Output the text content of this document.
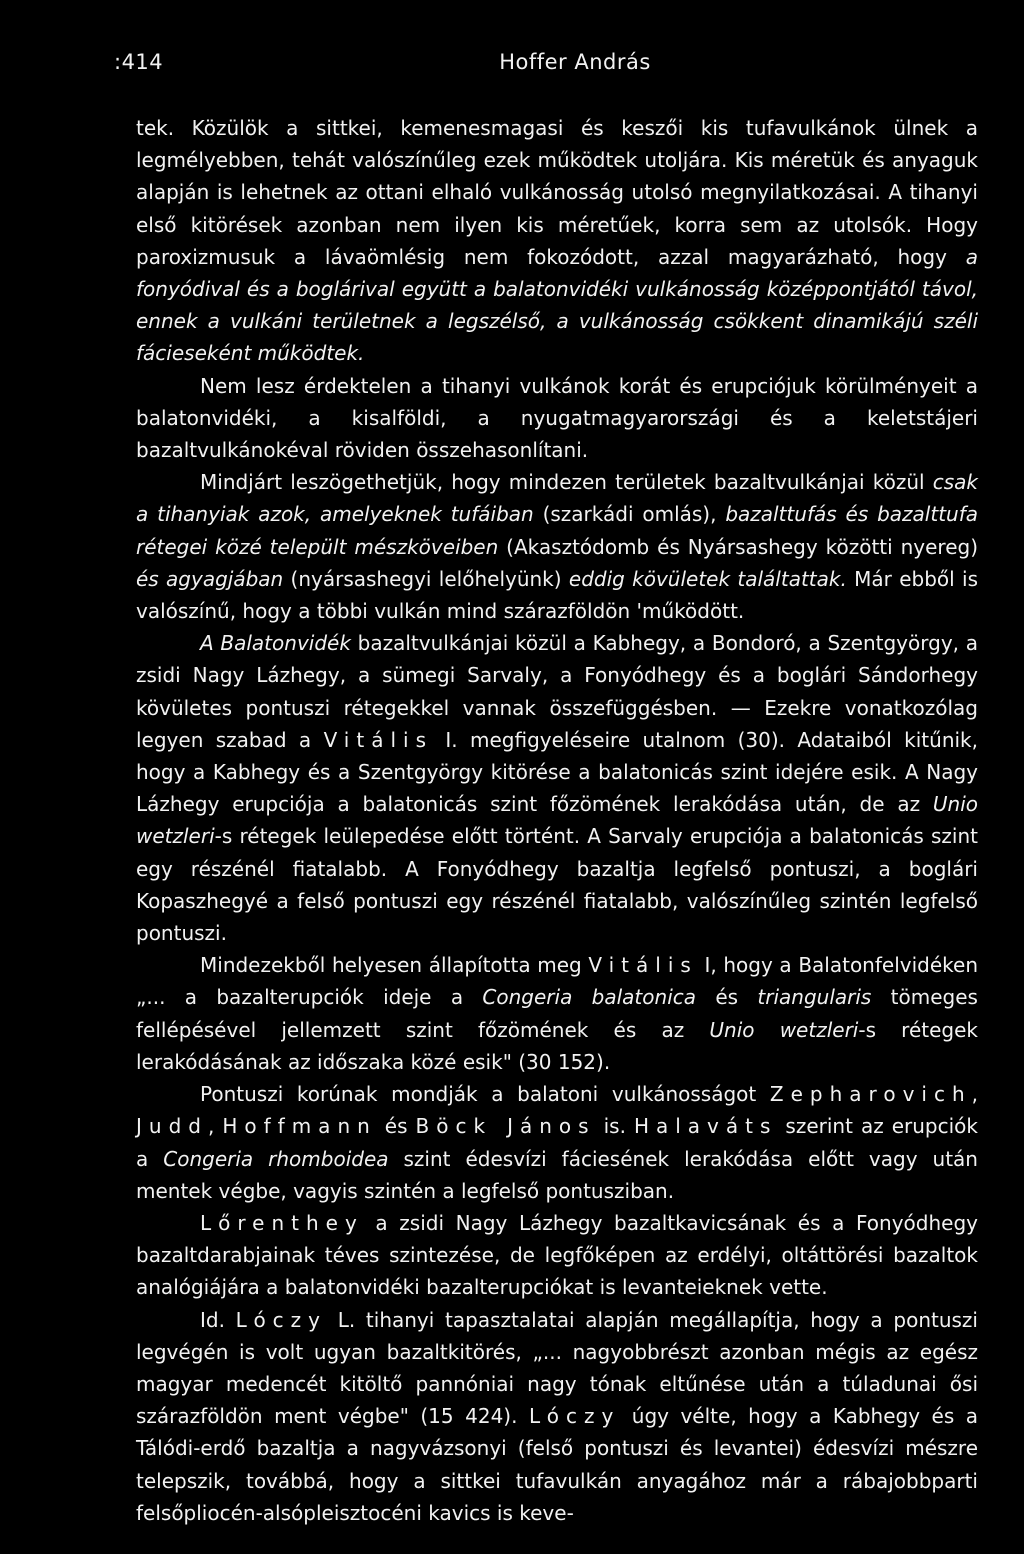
:414	Hoffer András

tek. Közülök a sittkei, kemenesmagasi és keszői kis tufavulkánok ülnek a legmélyebben, tehát valószínűleg ezek működtek utoljára. Kis méretük és anyaguk alapján is lehetnek az ottani elhaló vulkánosság utolsó megnyilatkozásai. A tihanyi első kitörések azonban nem ilyen kis méretűek, korra sem az utolsók. Hogy paroxizmusuk a lávaömlésig nem fokozódott, azzal magyarázható, hogy a fonyódival és a boglárival együtt a balatonvidéki vulkánosság középpontjától távol, ennek a vulkáni területnek a legszélső, a vulkánosság csökkent dinamikájú széli fácieseként működtek.

Nem lesz érdektelen a tihanyi vulkánok korát és erupciójuk körülményeit a balatonvidéki, a kisalföldi, a nyugatmagyarországi és a keletstájeri bazaltvulkánokéval röviden összehasonlítani.

Mindjárt leszögethetjük, hogy mindezen területek bazaltvulkánjai közül csak a tihanyiak azok, amelyeknek tufáiban (szarkádi omlás), bazalttufás és bazalttufa rétegei közé települt mészköveiben (Akasztódomb és Nyársashegy közötti nyereg) és agyagjában (nyársashegyi lelőhelyünk) eddig kövületek találtattak. Már ebből is valószínű, hogy a többi vulkán mind szárazföldön 'működött.

A Balatonvidék bazaltvulkánjai közül a Kabhegy, a Bondoró, a Szentgyörgy, a zsidi Nagy Lázhegy, a sümegi Sarvaly, a Fonyódhegy és a boglári Sándorhegy kövületes pontuszi rétegekkel vannak összefüggésben. — Ezekre vonatkozólag legyen szabad a Vitális I. megfigyeléseire utalnom (30). Adataiból kitűnik, hogy a Kabhegy és a Szentgyörgy kitörése a balatonicás szint idejére esik. A Nagy Lázhegy erupciója a balatonicás szint főzömének lerakódása után, de az Unio wetzleri-s rétegek leülepedése előtt történt. A Sarvaly erupciója a balatonicás szint egy részénél fiatalabb. A Fonyódhegy bazaltja legfelső pontuszi, a boglári Kopaszhegyé a felső pontuszi egy részénél fiatalabb, valószínűleg szintén legfelső pontuszi.

Mindezekből helyesen állapította meg Vitális I, hogy a Balatonfelvidéken „... a bazalterupciók ideje a Congeria balatonica és triangularis tömeges fellépésével jellemzett szint főzömének és az Unio wetzleri-s rétegek lerakódásának az időszaka közé esik" (30 152).

Pontuszi korúnak mondják a balatoni vulkánosságot Zepharovich, Judd, Hoffmann és Böck János is. Halaváts szerint az erupciók a Congeria rhomboidea szint édesvízi fáciesének lerakódása előtt vagy után mentek végbe, vagyis szintén a legfelső pontusziban.

Lőrenthey a zsidi Nagy Lázhegy bazaltkavicsának és a Fonyódhegy bazaltdarabjainak téves szintezése, de legfőképen az erdélyi, oltáttörési bazaltok analógiájára a balatonvidéki bazalterupciókat is levanteieknek vette.

Id. Lóczy L. tihanyi tapasztalatai alapján megállapítja, hogy a pontuszi legvégén is volt ugyan bazaltkitörés, „... nagyobbrészt azonban mégis az egész magyar medencét kitöltő pannóniai nagy tónak eltűnése után a túladunai ősi szárazföldön ment végbe" (15 424). Lóczy úgy vélte, hogy a Kabhegy és a Tálódi-erdő bazaltja a nagyvázsonyi (felső pontuszi és levantei) édesvízi mészre telepszik, továbbá, hogy a sittkei tufavulkán anyagához már a rábajobbparti felsőpliocén-alsópleisztocéni kavics is keve-
